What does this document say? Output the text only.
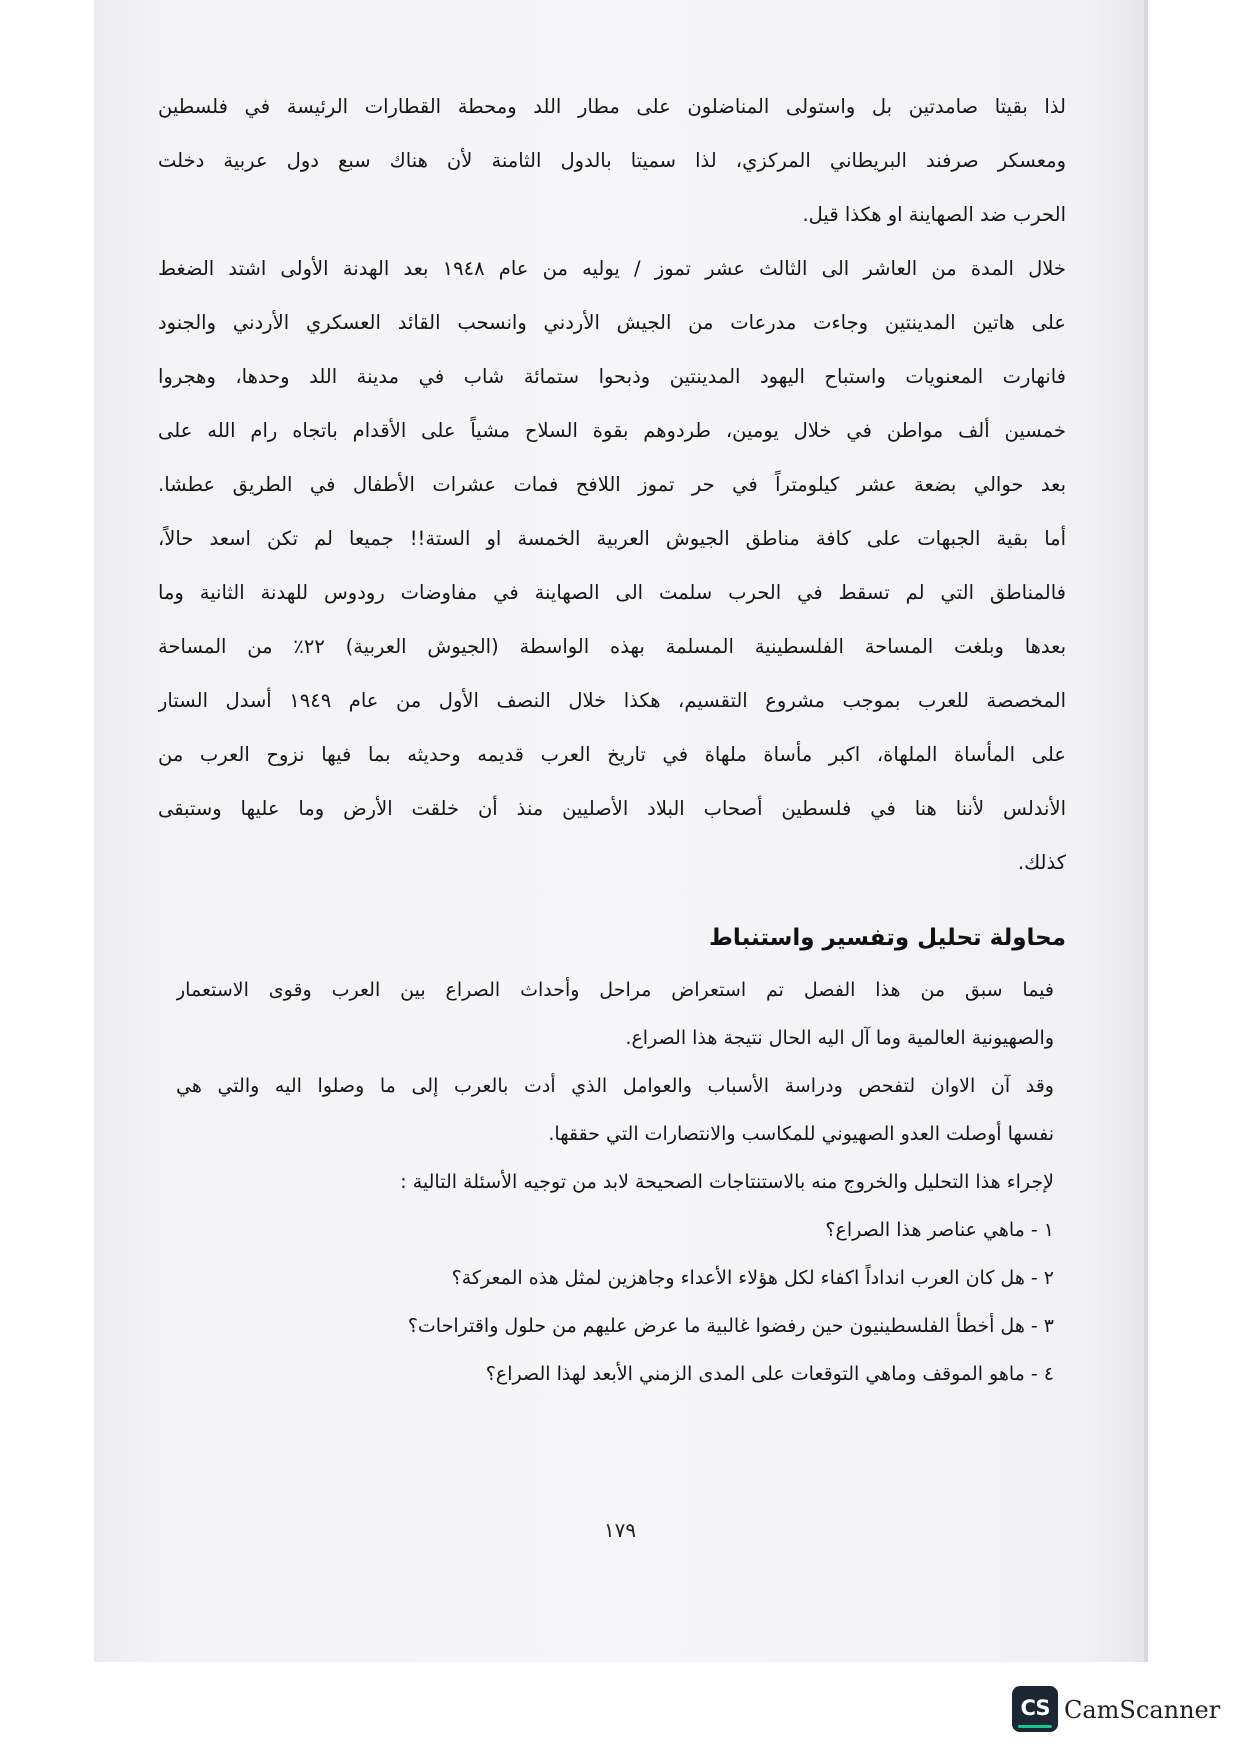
لذا بقيتا صامدتين بل واستولى المناضلون على مطار اللد ومحطة القطارات الرئيسة في فلسطين
ومعسكر صرفند البريطاني المركزي، لذا سميتا بالدول الثامنة لأن هناك سبع دول عربية دخلت
الحرب ضد الصهاينة او هكذا قيل.
خلال المدة من العاشر الى الثالث عشر تموز / يوليه من عام ١٩٤٨ بعد الهدنة الأولى اشتد الضغط
على هاتين المدينتين وجاءت مدرعات من الجيش الأردني وانسحب القائد العسكري الأردني والجنود
فانهارت المعنويات واستباح اليهود المدينتين وذبحوا ستمائة شاب في مدينة اللد وحدها، وهجروا
خمسين ألف مواطن في خلال يومين، طردوهم بقوة السلاح مشياً على الأقدام باتجاه رام الله على
بعد حوالي بضعة عشر كيلومتراً في حر تموز اللافح فمات عشرات الأطفال في الطريق عطشا.
أما بقية الجبهات على كافة مناطق الجيوش العربية الخمسة او الستة!! جميعا لم تكن اسعد حالاً،
فالمناطق التي لم تسقط في الحرب سلمت الى الصهاينة في مفاوضات رودوس للهدنة الثانية وما
بعدها وبلغت المساحة الفلسطينية المسلمة بهذه الواسطة (الجيوش العربية) ٢٢٪ من المساحة
المخصصة للعرب بموجب مشروع التقسيم، هكذا خلال النصف الأول من عام ١٩٤٩ أسدل الستار
على المأساة الملهاة، اكبر مأساة ملهاة في تاريخ العرب قديمه وحديثه بما فيها نزوح العرب من
الأندلس لأننا هنا في فلسطين أصحاب البلاد الأصليين منذ أن خلقت الأرض وما عليها وستبقى
كذلك.
محاولة تحليل وتفسير واستنباط
فيما سبق من هذا الفصل تم استعراض مراحل وأحداث الصراع بين العرب وقوى الاستعمار
والصهيونية العالمية وما آل اليه الحال نتيجة هذا الصراع.
وقد آن الاوان لتفحص ودراسة الأسباب والعوامل الذي أدت بالعرب إلى ما وصلوا اليه والتي هي
نفسها أوصلت العدو الصهيوني للمكاسب والانتصارات التي حققها.
لإجراء هذا التحليل والخروج منه بالاستنتاجات الصحيحة لابد من توجيه الأسئلة التالية :
١ - ماهي عناصر هذا الصراع؟
٢ - هل كان العرب انداداً اكفاء لكل هؤلاء الأعداء وجاهزين لمثل هذه المعركة؟
٣ - هل أخطأ الفلسطينيون حين رفضوا غالبية ما عرض عليهم من حلول واقتراحات؟
٤ - ماهو الموقف وماهي التوقعات على المدى الزمني الأبعد لهذا الصراع؟
١٧٩
CS CamScanner
